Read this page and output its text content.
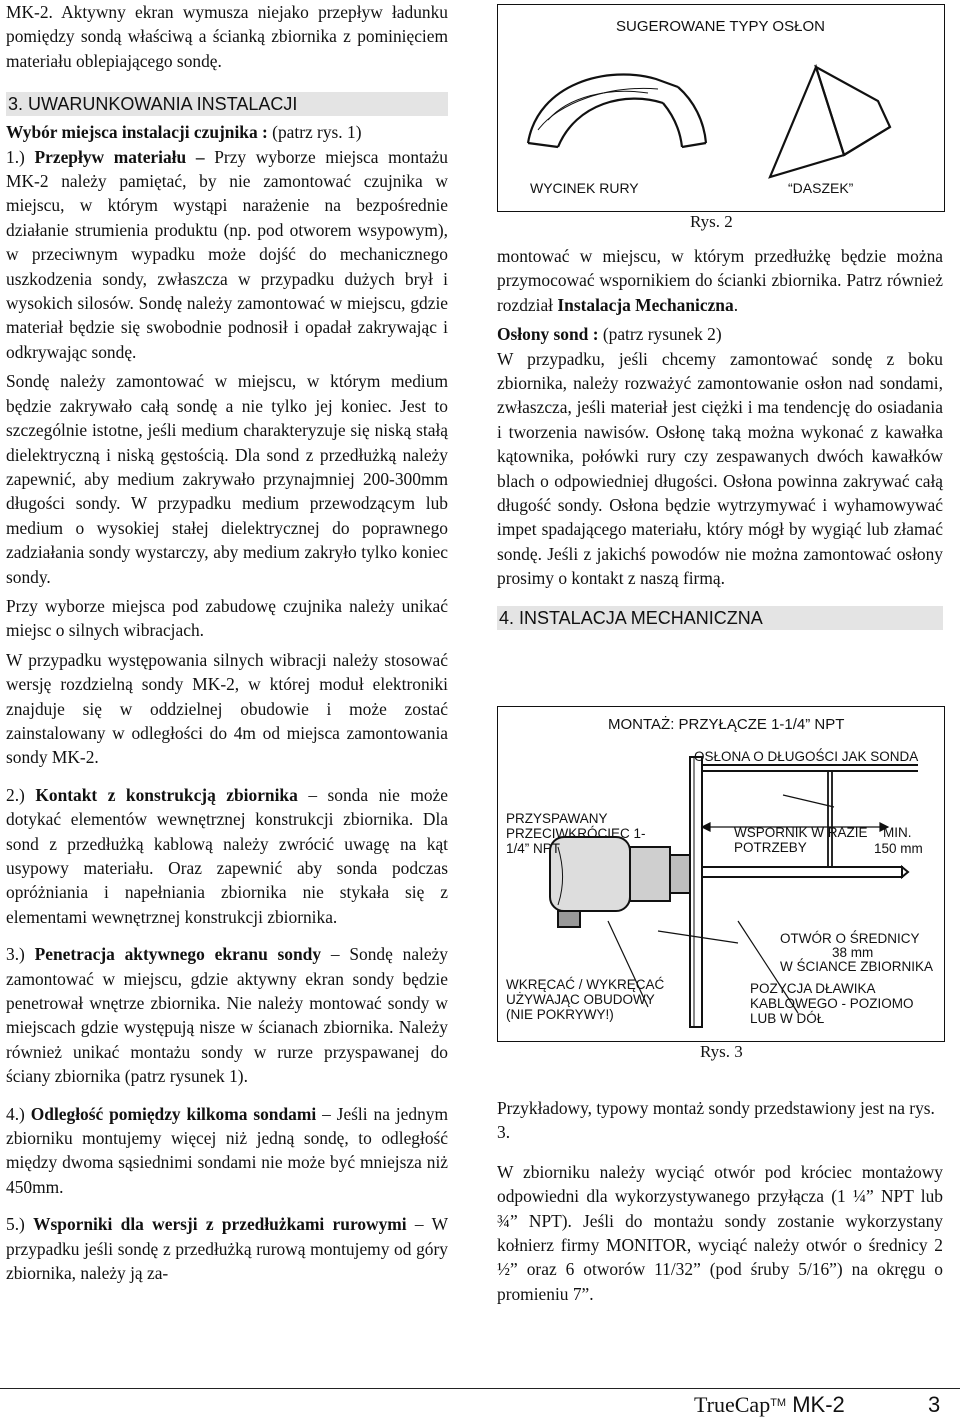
MK-2. Aktywny ekran wymusza niejako przepływ ładunku pomiędzy sondą właściwą a ścianką zbiornika z pominięciem materiału oblepiającego sondę.

3. UWARUNKOWANIA INSTALACJI

Wybór miejsca instalacji czujnika : (patrz rys. 1)

1.) Przepływ materiału – Przy wyborze miejsca montażu MK-2 należy pamiętać, by nie zamontować czujnika w miejscu, w którym wystąpi narażenie na bezpośrednie działanie strumienia produktu (np. pod otworem wsypowym), w przeciwnym wypadku może dojść do mechanicznego uszkodzenia sondy, zwłaszcza w przypadku dużych brył i wysokich silosów. Sondę należy zamontować w miejscu, gdzie materiał będzie się swobodnie podnosił i opadał zakrywając i odkrywając sondę.

Sondę należy zamontować w miejscu, w którym medium będzie zakrywało całą sondę a nie tylko jej koniec. Jest to szczególnie istotne, jeśli medium charakteryzuje się niską stałą dielektryczną i niską gęstością. Dla sond z przedłużką należy zapewnić, aby medium zakrywało przynajmniej 200-300mm długości sondy. W przypadku medium przewodzącym lub medium o wysokiej stałej dielektrycznej do poprawnego zadziałania sondy wystarczy, aby medium zakryło tylko koniec sondy.

Przy wyborze miejsca pod zabudowę czujnika należy unikać miejsc o silnych wibracjach.

W przypadku występowania silnych wibracji należy stosować wersję rozdzielną sondy MK-2, w której moduł elektroniki znajduje się w oddzielnej obudowie i może zostać zainstalowany w odległości do 4m od miejsca zamontowania sondy MK-2.

2.) Kontakt z konstrukcją zbiornika – sonda nie może dotykać elementów wewnętrznej konstrukcji zbiornika. Dla sond z przedłużką kablową należy zwrócić uwagę na kąt usypowy materiału. Oraz zapewnić aby sonda podczas opróżniania i napełniania zbiornika nie stykała się z elementami wewnętrznej konstrukcji zbiornika.

3.) Penetracja aktywnego ekranu sondy – Sondę należy zamontować w miejscu, gdzie aktywny ekran sondy będzie penetrował wnętrze zbiornika. Nie należy montować sondy w miejscach gdzie występują nisze w ścianach zbiornika. Należy również unikać montażu sondy w rurze przyspawanej do ściany zbiornika (patrz rysunek 1).

4.) Odległość pomiędzy kilkoma sondami – Jeśli na jednym zbiorniku montujemy więcej niż jedną sondę, to odległość między dwoma sąsiednimi sondami nie może być mniejsza niż 450mm.

5.) Wsporniki dla wersji z przedłużkami rurowymi – W przypadku jeśli sondę z przedłużką rurową montujemy od góry zbiornika, należy ją za-

SUGEROWANE TYPY OSŁON
WYCINEK RURY	“DASZEK”
Rys. 2

montować w miejscu, w którym przedłużkę będzie można przymocować wspornikiem do ścianki zbiornika. Patrz również rozdział Instalacja Mechaniczna.

Osłony sond : (patrz rysunek 2)

W przypadku, jeśli chcemy zamontować sondę z boku zbiornika, należy rozważyć zamontowanie osłon nad sondami, zwłaszcza, jeśli materiał jest ciężki i ma tendencję do osiadania i tworzenia nawisów. Osłonę taką można wykonać z kawałka kątownika, połówki rury czy zespawanych dwóch kawałków blach o odpowiedniej długości. Osłona powinna zakrywać całą długość sondy. Osłona będzie wytrzymywać i wyhamowywać impet spadającego materiału, który mógł by wygiąć lub złamać sondę. Jeśli z jakichś powodów nie można zamontować osłony prosimy o kontakt z naszą firmą.

4. INSTALACJA MECHANICZNA

MONTAŻ: PRZYŁĄCZE 1-1/4” NPT
OSŁONA O DŁUGOŚCI JAK SONDA
PRZYSPAWANY PRZECIWKRÓCIEC 1-1/4” NPT
WSPORNIK W RAZIE POTRZEBY
MIN.
150 mm
OTWÓR O ŚREDNICY
38 mm
W ŚCIANCE ZBIORNIKA
WKRĘCAĆ / WYKRĘCAĆ UŻYWAJĄC OBUDOWY (NIE POKRYWY!)
POZYCJA DŁAWIKA KABLOWEGO - POZIOMO LUB W DÓŁ
Rys. 3

Przykładowy, typowy montaż sondy przedstawiony jest na rys. 3.

W zbiorniku należy wyciąć otwór pod króciec montażowy odpowiedni dla wykorzystywanego przyłącza (1 ¼” NPT lub ¾” NPT). Jeśli do montażu sondy zostanie wykorzystany kołnierz firmy MONITOR, wyciąć należy otwór o średnicy 2 ½” oraz 6 otworów 11/32” (pod śruby 5/16”) na okręgu o promieniu 7”.

TrueCap™ MK-2	3
